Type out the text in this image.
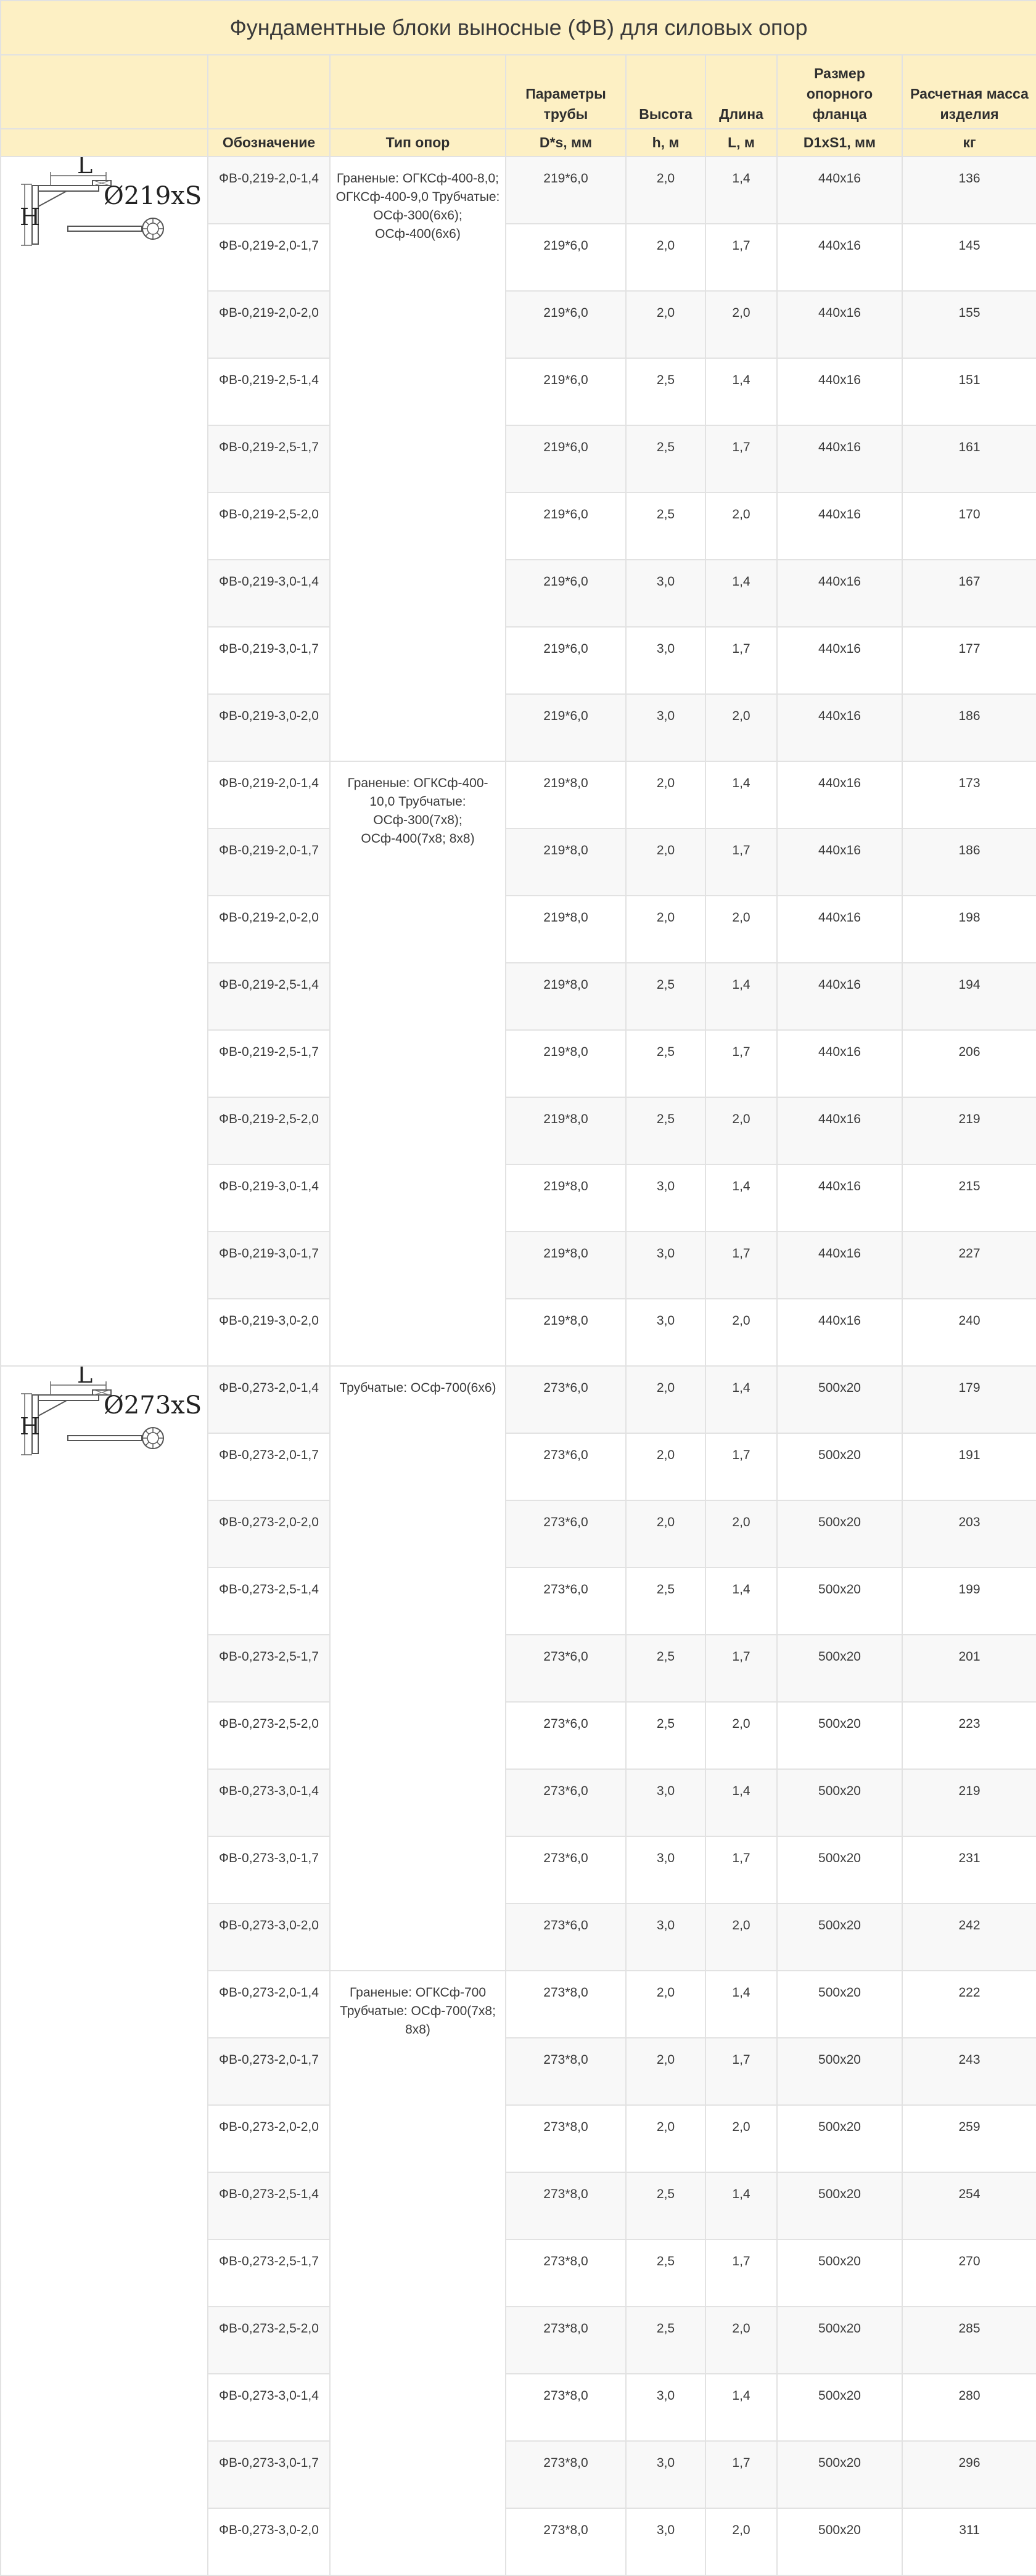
Фундаментные блоки выносные (ФВ) для силовых опор							
			Параметры трубы	Высота	Длина	Размер опорного фланца	Расчетная масса изделия
	Обозначение	Тип опор	D*s, мм	h, м	L, м	D1xS1, мм	кг

L
H
Ø219xS	ФВ-0,219-2,0-1,4	Граненые: ОГКСф-400-8,0; ОГКСф-400-9,0 Трубчатые: ОСф-300(6х6); ОСф-400(6х6)	219*6,0	2,0	1,4	440х16	136
	ФВ-0,219-2,0-1,7		219*6,0	2,0	1,7	440х16	145
	ФВ-0,219-2,0-2,0		219*6,0	2,0	2,0	440х16	155
	ФВ-0,219-2,5-1,4		219*6,0	2,5	1,4	440х16	151
	ФВ-0,219-2,5-1,7		219*6,0	2,5	1,7	440х16	161
	ФВ-0,219-2,5-2,0		219*6,0	2,5	2,0	440х16	170
	ФВ-0,219-3,0-1,4		219*6,0	3,0	1,4	440х16	167
	ФВ-0,219-3,0-1,7		219*6,0	3,0	1,7	440х16	177
	ФВ-0,219-3,0-2,0		219*6,0	3,0	2,0	440х16	186
	ФВ-0,219-2,0-1,4	Граненые: ОГКСф-400-10,0 Трубчатые: ОСф-300(7х8); ОСф-400(7х8; 8х8)	219*8,0	2,0	1,4	440х16	173
	ФВ-0,219-2,0-1,7		219*8,0	2,0	1,7	440х16	186
	ФВ-0,219-2,0-2,0		219*8,0	2,0	2,0	440х16	198
	ФВ-0,219-2,5-1,4		219*8,0	2,5	1,4	440х16	194
	ФВ-0,219-2,5-1,7		219*8,0	2,5	1,7	440х16	206
	ФВ-0,219-2,5-2,0		219*8,0	2,5	2,0	440х16	219
	ФВ-0,219-3,0-1,4		219*8,0	3,0	1,4	440х16	215
	ФВ-0,219-3,0-1,7		219*8,0	3,0	1,7	440х16	227
	ФВ-0,219-3,0-2,0		219*8,0	3,0	2,0	440х16	240

L
H
Ø273xS	ФВ-0,273-2,0-1,4	Трубчатые: ОСф-700(6х6)	273*6,0	2,0	1,4	500х20	179
	ФВ-0,273-2,0-1,7		273*6,0	2,0	1,7	500х20	191
	ФВ-0,273-2,0-2,0		273*6,0	2,0	2,0	500х20	203
	ФВ-0,273-2,5-1,4		273*6,0	2,5	1,4	500х20	199
	ФВ-0,273-2,5-1,7		273*6,0	2,5	1,7	500х20	201
	ФВ-0,273-2,5-2,0		273*6,0	2,5	2,0	500х20	223
	ФВ-0,273-3,0-1,4		273*6,0	3,0	1,4	500х20	219
	ФВ-0,273-3,0-1,7		273*6,0	3,0	1,7	500х20	231
	ФВ-0,273-3,0-2,0		273*6,0	3,0	2,0	500х20	242
	ФВ-0,273-2,0-1,4	Граненые: ОГКСф-700 Трубчатые: ОСф-700(7х8; 8х8)	273*8,0	2,0	1,4	500х20	222
	ФВ-0,273-2,0-1,7		273*8,0	2,0	1,7	500х20	243
	ФВ-0,273-2,0-2,0		273*8,0	2,0	2,0	500х20	259
	ФВ-0,273-2,5-1,4		273*8,0	2,5	1,4	500х20	254
	ФВ-0,273-2,5-1,7		273*8,0	2,5	1,7	500х20	270
	ФВ-0,273-2,5-2,0		273*8,0	2,5	2,0	500х20	285
	ФВ-0,273-3,0-1,4		273*8,0	3,0	1,4	500х20	280
	ФВ-0,273-3,0-1,7		273*8,0	3,0	1,7	500х20	296
	ФВ-0,273-3,0-2,0		273*8,0	3,0	2,0	500х20	311
